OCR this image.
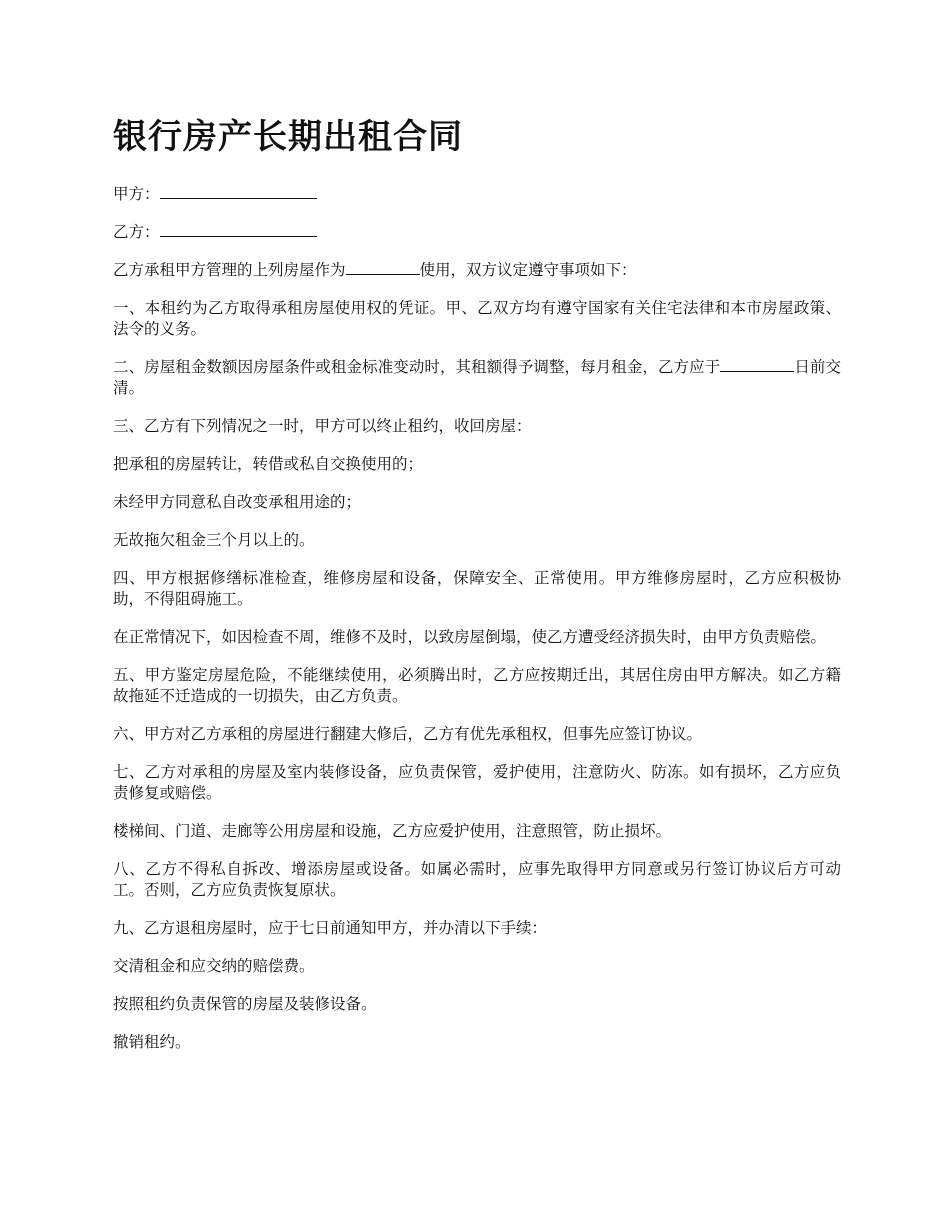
银行房产长期出租合同

甲方：

乙方：

乙方承租甲方管理的上列房屋作为	使用，双方议定遵守事项如下：

一、本租约为乙方取得承租房屋使用权的凭证。甲、乙双方均有遵守国家有关住宅法律和本市房屋政策、法令的义务。

二、房屋租金数额因房屋条件或租金标准变动时，其租额得予调整，每月租金，乙方应于	日前交清。

三、乙方有下列情况之一时，甲方可以终止租约，收回房屋：

把承租的房屋转让，转借或私自交换使用的；

未经甲方同意私自改变承租用途的；

无故拖欠租金三个月以上的。

四、甲方根据修缮标准检查，维修房屋和设备，保障安全、正常使用。甲方维修房屋时，乙方应积极协助，不得阻碍施工。

在正常情况下，如因检查不周，维修不及时，以致房屋倒塌，使乙方遭受经济损失时，由甲方负责赔偿。

五、甲方鉴定房屋危险，不能继续使用，必须腾出时，乙方应按期迁出，其居住房由甲方解决。如乙方籍故拖延不迁造成的一切损失，由乙方负责。

六、甲方对乙方承租的房屋进行翻建大修后，乙方有优先承租权，但事先应签订协议。

七、乙方对承租的房屋及室内装修设备，应负责保管，爱护使用，注意防火、防冻。如有损坏，乙方应负责修复或赔偿。

楼梯间、门道、走廊等公用房屋和设施，乙方应爱护使用，注意照管，防止损坏。

八、乙方不得私自拆改、增添房屋或设备。如属必需时，应事先取得甲方同意或另行签订协议后方可动工。否则，乙方应负责恢复原状。

九、乙方退租房屋时，应于七日前通知甲方，并办清以下手续：

交清租金和应交纳的赔偿费。

按照租约负责保管的房屋及装修设备。

撤销租约。
